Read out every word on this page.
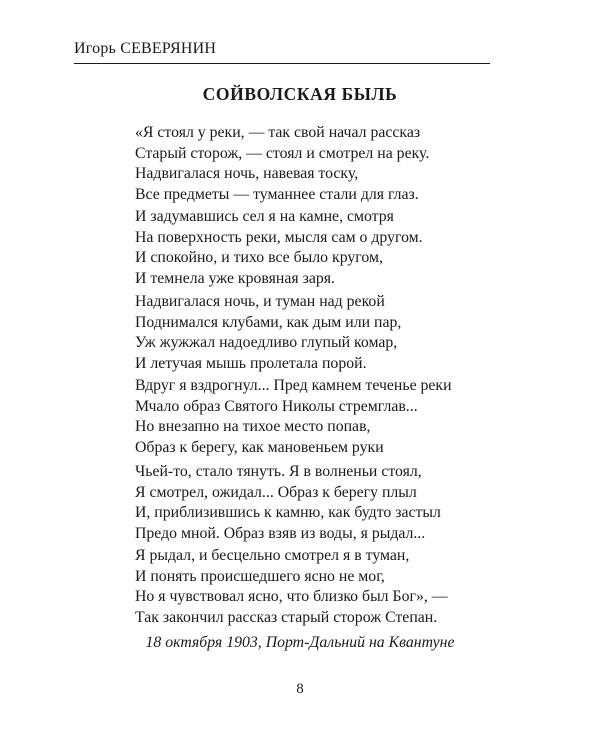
Игорь СЕВЕРЯНИН
СОЙВОЛСКАЯ БЫЛЬ
«Я стоял у реки, — так свой начал рассказ
Старый сторож, — стоял и смотрел на реку.
Надвигалася ночь, навевая тоску,
Все предметы — туманнее стали для глаз.
И задумавшись сел я на камне, смотря
На поверхность реки, мысля сам о другом.
И спокойно, и тихо все было кругом,
И темнела уже кровяная заря.
Надвигалася ночь, и туман над рекой
Поднимался клубами, как дым или пар,
Уж жужжал надоедливо глупый комар,
И летучая мышь пролетала порой.
Вдруг я вздрогнул... Пред камнем теченье реки
Мчало образ Святого Николы стремглав...
Но внезапно на тихое место попав,
Образ к берегу, как мановеньем руки
Чьей-то, стало тянуть. Я в волненьи стоял,
Я смотрел, ожидал... Образ к берегу плыл
И, приблизившись к камню, как будто застыл
Предо мной. Образ взяв из воды, я рыдал...
Я рыдал, и бесцельно смотрел я в туман,
И понять происшедшего ясно не мог,
Но я чувствовал ясно, что близко был Бог», —
Так закончил рассказ старый сторож Степан.
18 октября 1903, Порт-Дальний на Квантуне
8
